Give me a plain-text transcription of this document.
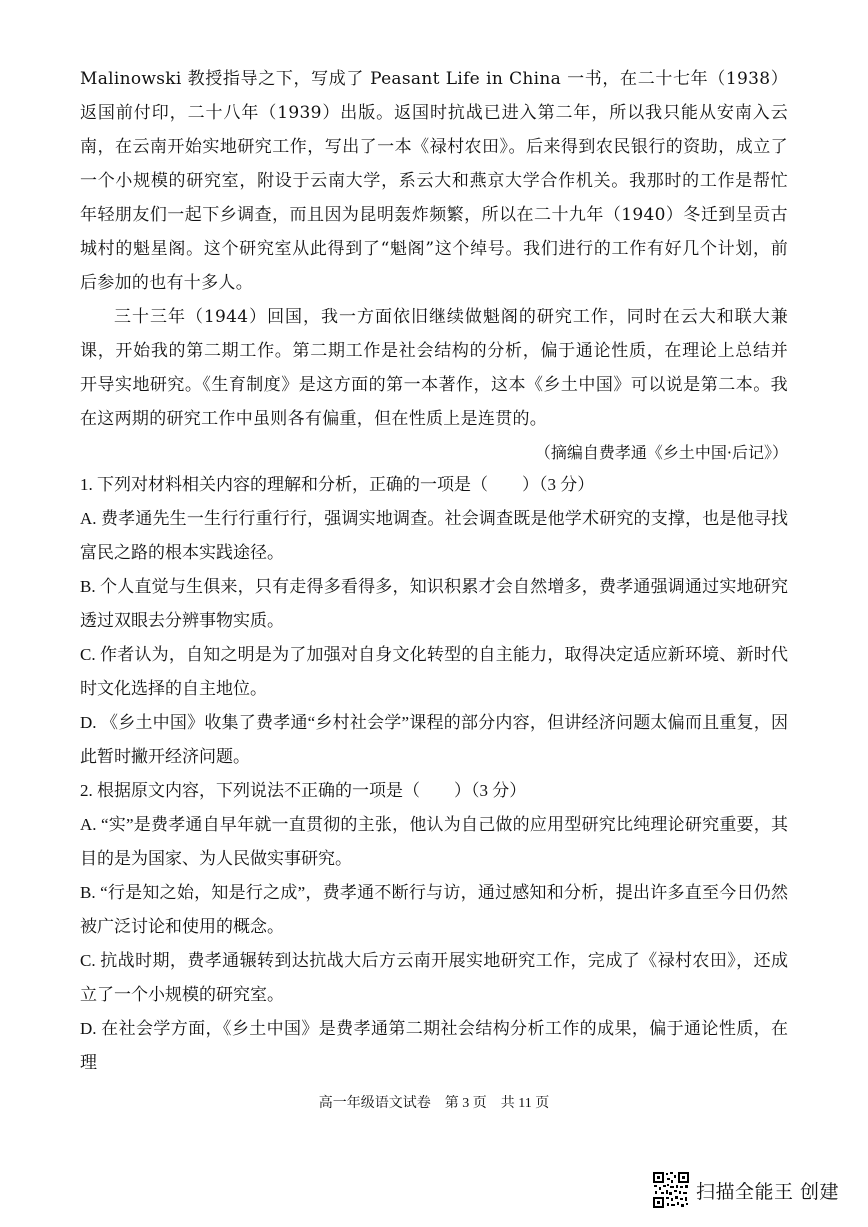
Malinowski 教授指导之下，写成了 Peasant Life in China 一书，在二十七年（1938）返国前付印，二十八年（1939）出版。返国时抗战已进入第二年，所以我只能从安南入云南，在云南开始实地研究工作，写出了一本《禄村农田》。后来得到农民银行的资助，成立了一个小规模的研究室，附设于云南大学，系云大和燕京大学合作机关。我那时的工作是帮忙年轻朋友们一起下乡调查，而且因为昆明轰炸频繁，所以在二十九年（1940）冬迁到呈贡古城村的魁星阁。这个研究室从此得到了“魁阁”这个绰号。我们进行的工作有好几个计划，前后参加的也有十多人。

三十三年（1944）回国，我一方面依旧继续做魁阁的研究工作，同时在云大和联大兼课，开始我的第二期工作。第二期工作是社会结构的分析，偏于通论性质，在理论上总结并开导实地研究。《生育制度》是这方面的第一本著作，这本《乡土中国》可以说是第二本。我在这两期的研究工作中虽则各有偏重，但在性质上是连贯的。

（摘编自费孝通《乡土中国·后记》）

1. 下列对材料相关内容的理解和分析，正确的一项是（　　）（3 分）

A. 费孝通先生一生行行重行行，强调实地调查。社会调查既是他学术研究的支撑，也是他寻找富民之路的根本实践途径。

B. 个人直觉与生俱来，只有走得多看得多，知识积累才会自然增多，费孝通强调通过实地研究透过双眼去分辨事物实质。

C. 作者认为，自知之明是为了加强对自身文化转型的自主能力，取得决定适应新环境、新时代时文化选择的自主地位。

D. 《乡土中国》收集了费孝通“乡村社会学”课程的部分内容，但讲经济问题太偏而且重复，因此暂时撇开经济问题。

2. 根据原文内容，下列说法不正确的一项是（　　）（3 分）

A. “实”是费孝通自早年就一直贯彻的主张，他认为自己做的应用型研究比纯理论研究重要，其目的是为国家、为人民做实事研究。

B. “行是知之始，知是行之成”，费孝通不断行与访，通过感知和分析，提出许多直至今日仍然被广泛讨论和使用的概念。

C. 抗战时期，费孝通辗转到达抗战大后方云南开展实地研究工作，完成了《禄村农田》，还成立了一个小规模的研究室。

D. 在社会学方面，《乡土中国》是费孝通第二期社会结构分析工作的成果，偏于通论性质，在理

高一年级语文试卷　第 3 页　共 11 页
扫描全能王 创建
